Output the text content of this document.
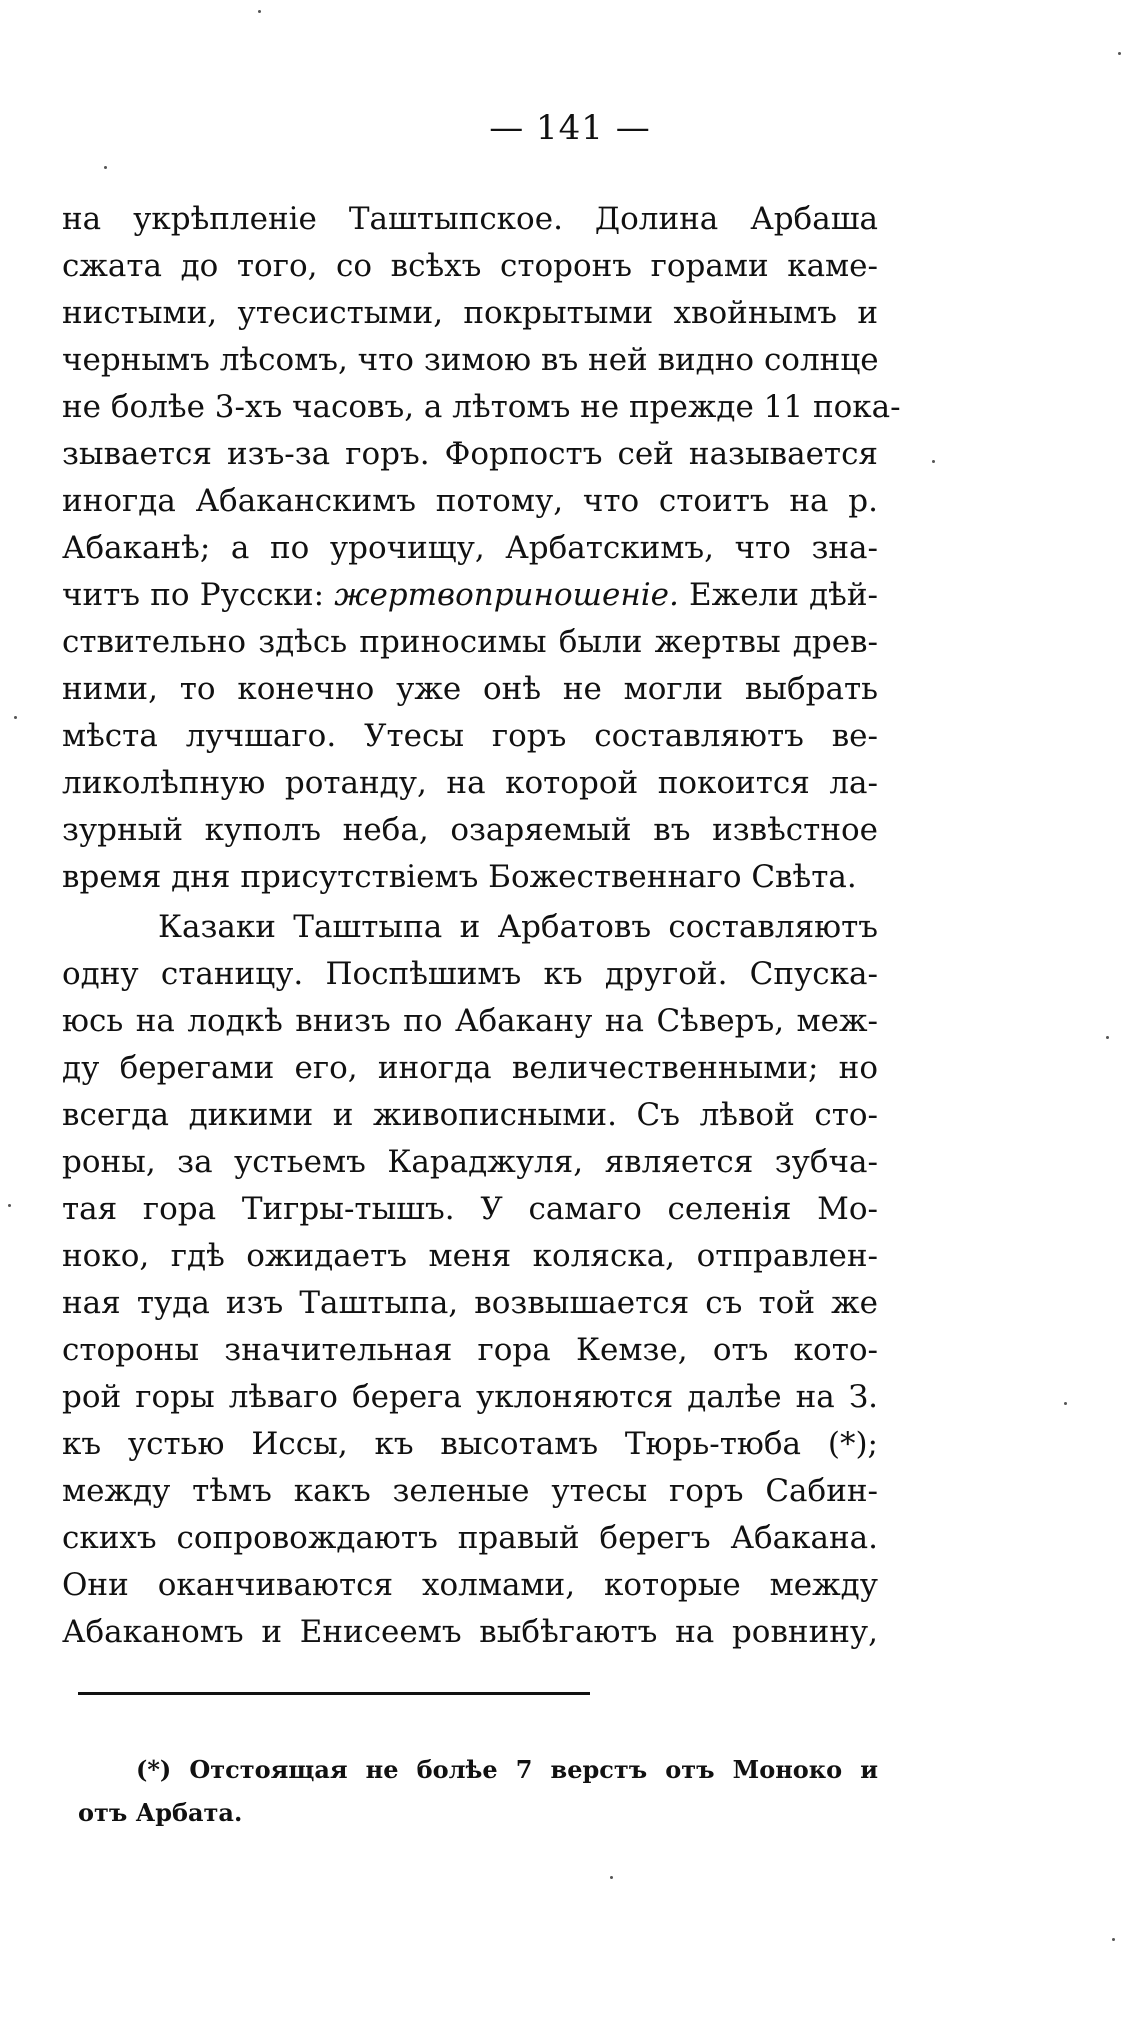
— 141 —
на укрѣпленіе Таштыпское. Долина Арбаша
сжата до того, со всѣхъ сторонъ горами каме-
нистыми, утесистыми, покрытыми хвойнымъ и
чернымъ лѣсомъ, что зимою въ ней видно солнце
не болѣе 3-хъ часовъ, а лѣтомъ не прежде 11 пока-
зывается изъ-за горъ. Форпостъ сей называется
иногда Абаканскимъ потому, что стоитъ на р.
Абаканѣ; а по урочищу, Арбатскимъ, что зна-
читъ по Русски: жертвоприношеніе. Ежели дѣй-
ствительно здѣсь приносимы были жертвы древ-
ними, то конечно уже онѣ не могли выбрать
мѣста лучшаго. Утесы горъ составляютъ ве-
ликолѣпную ротанду, на которой покоится ла-
зурный куполъ неба, озаряемый въ извѣстное
время дня присутствіемъ Божественнаго Свѣта.
Казаки Таштыпа и Арбатовъ составляютъ
одну станицу. Поспѣшимъ къ другой. Спуска-
юсь на лодкѣ внизъ по Абакану на Сѣверъ, меж-
ду берегами его, иногда величественными; но
всегда дикими и живописными. Съ лѣвой сто-
роны, за устьемъ Караджуля, является зубча-
тая гора Тигры-тышъ. У самаго селенія Мо-
ноко, гдѣ ожидаетъ меня коляска, отправлен-
ная туда изъ Таштыпа, возвышается съ той же
стороны значительная гора Кемзе, отъ кото-
рой горы лѣваго берега уклоняются далѣе на З.
къ устью Иссы, къ высотамъ Тюрь-тюба (*);
между тѣмъ какъ зеленые утесы горъ Сабин-
скихъ сопровождаютъ правый берегъ Абакана.
Они оканчиваются холмами, которые между
Абаканомъ и Енисеемъ выбѣгаютъ на ровнину,
(*) Отстоящая не болѣе 7 верстъ отъ Моноко и
отъ Арбата.
